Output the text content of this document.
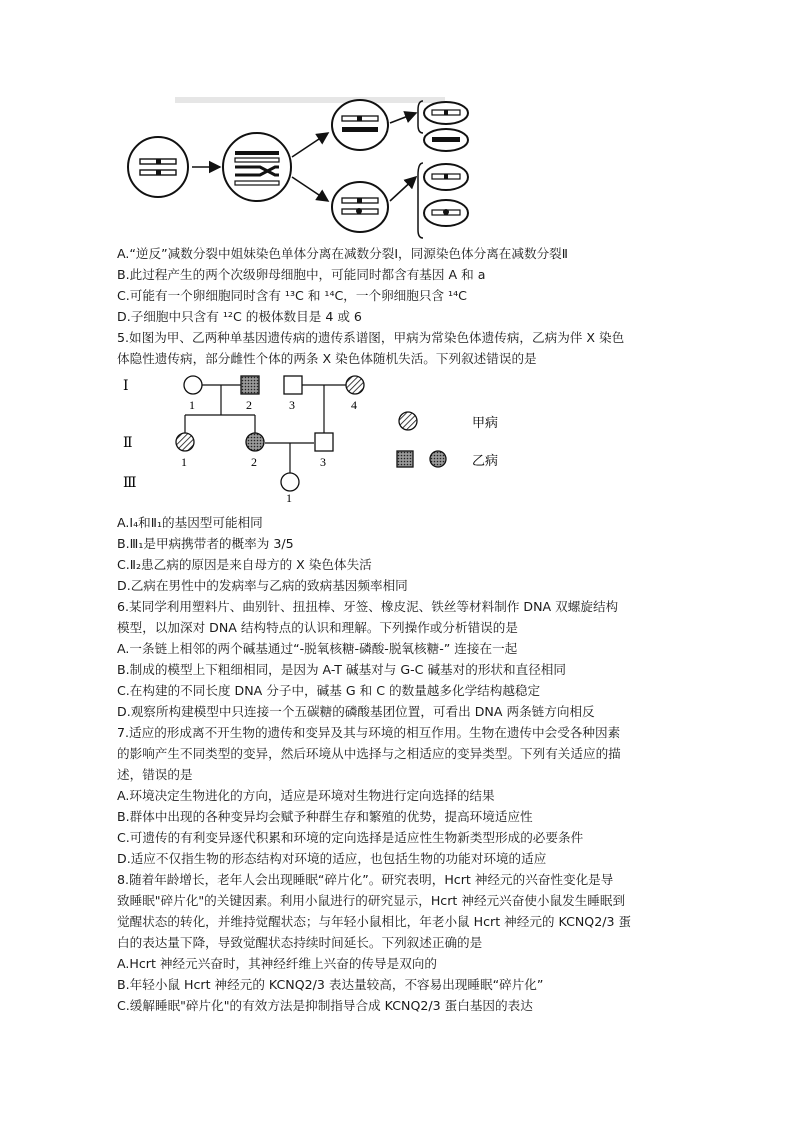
A.“逆反”减数分裂中姐妹染色单体分离在减数分裂Ⅰ，同源染色体分离在减数分裂Ⅱ
B.此过程产生的两个次级卵母细胞中，可能同时都含有基因 A 和 a
C.可能有一个卵细胞同时含有 ¹³C 和 ¹⁴C，一个卵细胞只含 ¹⁴C
D.子细胞中只含有 ¹²C 的极体数目是 4 或 6
5.如图为甲、乙两种单基因遗传病的遗传系谱图，甲病为常染色体遗传病，乙病为伴 X 染色
体隐性遗传病，部分雌性个体的两条 X 染色体随机失活。下列叙述错误的是
Ⅰ
Ⅱ
Ⅲ
1	2	3	4
1	2	3
1
甲病
乙病
A.Ⅰ₄和Ⅱ₁的基因型可能相同
B.Ⅲ₁是甲病携带者的概率为 3/5
C.Ⅱ₂患乙病的原因是来自母方的 X 染色体失活
D.乙病在男性中的发病率与乙病的致病基因频率相同
6.某同学利用塑料片、曲别针、扭扭棒、牙签、橡皮泥、铁丝等材料制作 DNA 双螺旋结构
模型，以加深对 DNA 结构特点的认识和理解。下列操作或分析错误的是
A.一条链上相邻的两个碱基通过“-脱氧核糖-磷酸-脱氧核糖-” 连接在一起
B.制成的模型上下粗细相同，是因为 A-T 碱基对与 G-C 碱基对的形状和直径相同
C.在构建的不同长度 DNA 分子中，碱基 G 和 C 的数量越多化学结构越稳定
D.观察所构建模型中只连接一个五碳糖的磷酸基团位置，可看出 DNA 两条链方向相反
7.适应的形成离不开生物的遗传和变异及其与环境的相互作用。生物在遗传中会受各种因素
的影响产生不同类型的变异，然后环境从中选择与之相适应的变异类型。下列有关适应的描
述，错误的是
A.环境决定生物进化的方向，适应是环境对生物进行定向选择的结果
B.群体中出现的各种变异均会赋予种群生存和繁殖的优势，提高环境适应性
C.可遗传的有利变异逐代积累和环境的定向选择是适应性生物新类型形成的必要条件
D.适应不仅指生物的形态结构对环境的适应，也包括生物的功能对环境的适应
8.随着年龄增长，老年人会出现睡眠“碎片化”。研究表明，Hcrt 神经元的兴奋性变化是导
致睡眠"碎片化"的关键因素。利用小鼠进行的研究显示，Hcrt 神经元兴奋使小鼠发生睡眠到
觉醒状态的转化，并维持觉醒状态；与年轻小鼠相比，年老小鼠 Hcrt 神经元的 KCNQ2/3 蛋
白的表达量下降，导致觉醒状态持续时间延长。下列叙述正确的是
A.Hcrt 神经元兴奋时，其神经纤维上兴奋的传导是双向的
B.年轻小鼠 Hcrt 神经元的 KCNQ2/3 表达量较高，不容易出现睡眠“碎片化”
C.缓解睡眠"碎片化"的有效方法是抑制指导合成 KCNQ2/3 蛋白基因的表达
